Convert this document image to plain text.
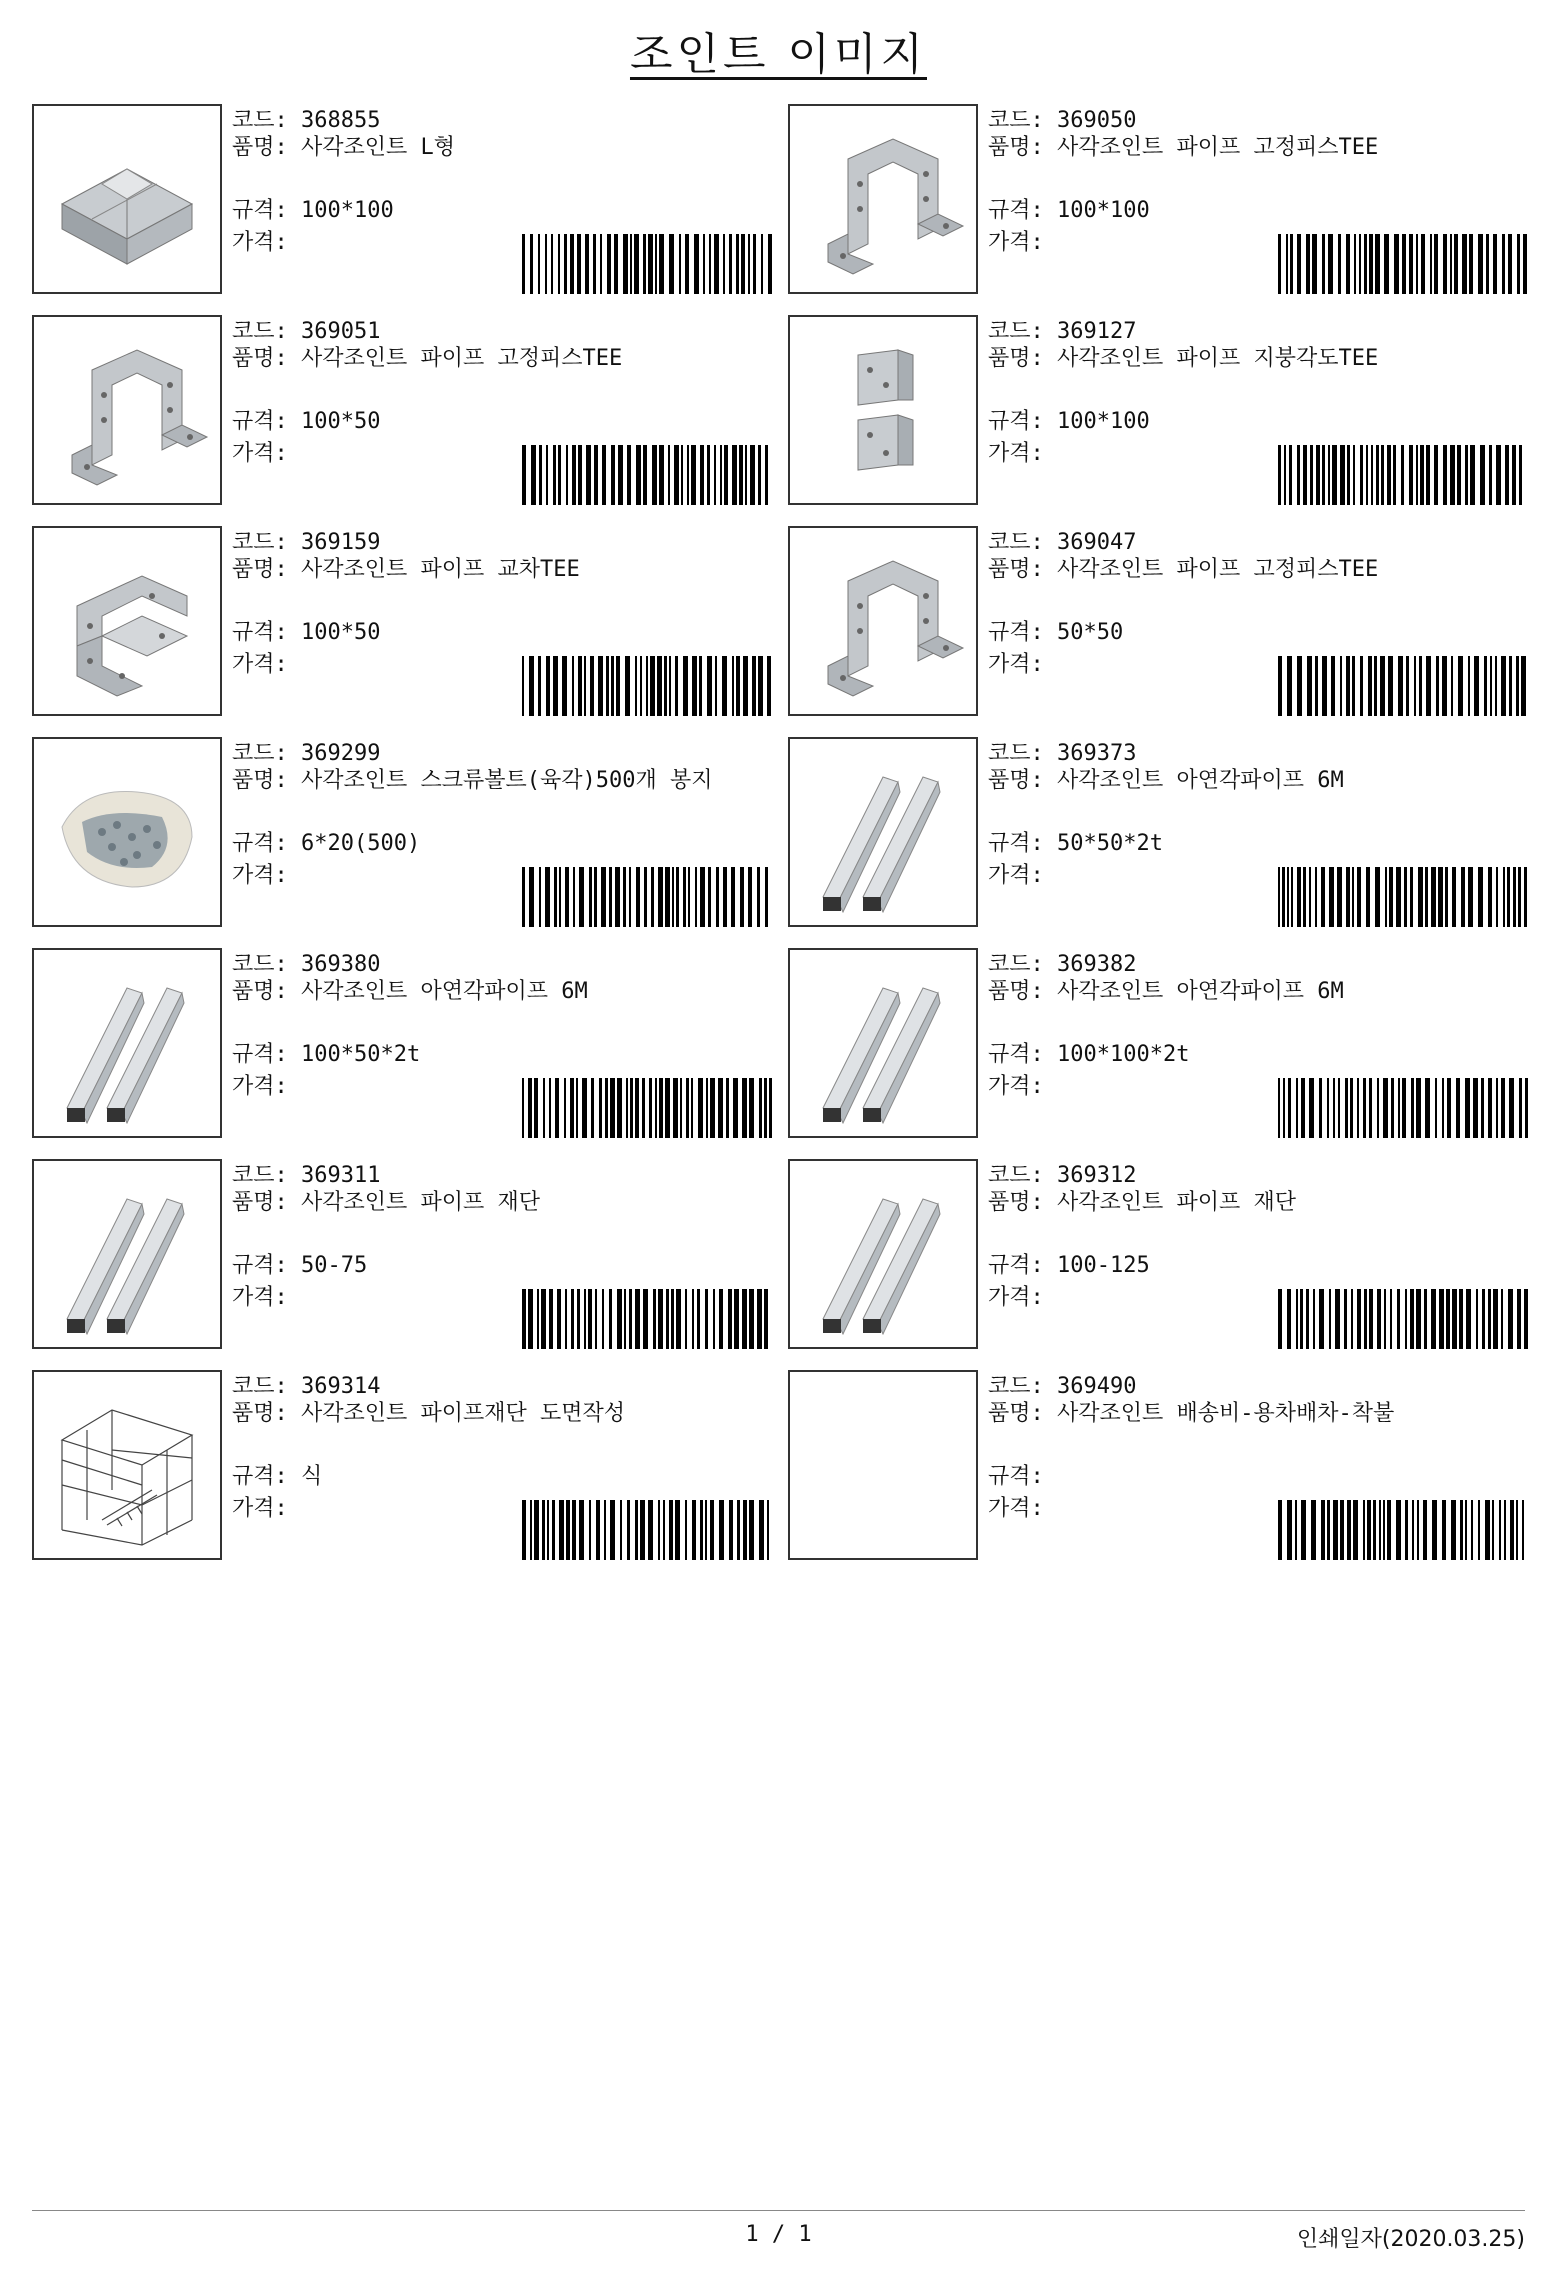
조인트 이미지
코드: 368855
품명: 사각조인트 L형
규격: 100*100
가격:
코드: 369050
품명: 사각조인트 파이프 고정피스TEE
규격: 100*100
가격:
코드: 369051
품명: 사각조인트 파이프 고정피스TEE
규격: 100*50
가격:
코드: 369127
품명: 사각조인트 파이프 지붕각도TEE
규격: 100*100
가격:
코드: 369159
품명: 사각조인트 파이프 교차TEE
규격: 100*50
가격:
코드: 369047
품명: 사각조인트 파이프 고정피스TEE
규격: 50*50
가격:
코드: 369299
품명: 사각조인트 스크류볼트(육각)500개 봉지
규격: 6*20(500)
가격:
코드: 369373
품명: 사각조인트 아연각파이프 6M
규격: 50*50*2t
가격:
코드: 369380
품명: 사각조인트 아연각파이프 6M
규격: 100*50*2t
가격:
코드: 369382
품명: 사각조인트 아연각파이프 6M
규격: 100*100*2t
가격:
코드: 369311
품명: 사각조인트 파이프 재단
규격: 50-75
가격:
코드: 369312
품명: 사각조인트 파이프 재단
규격: 100-125
가격:
코드: 369314
품명: 사각조인트 파이프재단 도면작성
규격: 식
가격:
코드: 369490
품명: 사각조인트 배송비-용차배차-착불
규격:
가격:
1 / 1	인쇄일자(2020.03.25)
